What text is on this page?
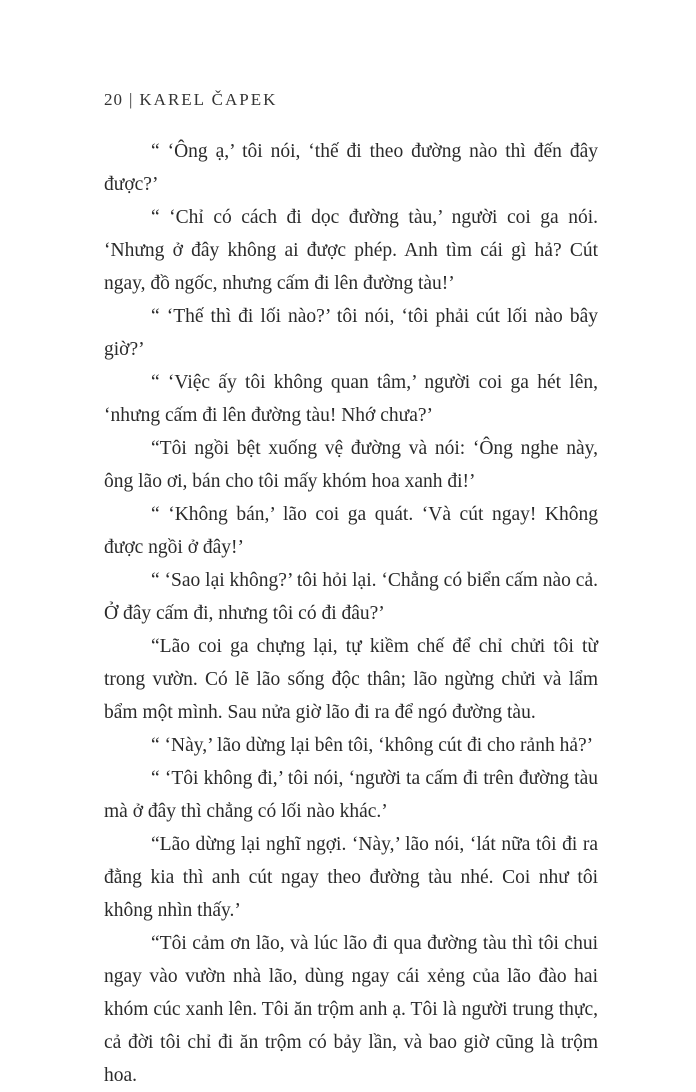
20 | KAREL ČAPEK

“ ‘Ông ạ,’ tôi nói, ‘thế đi theo đường nào thì đến đây được?’

“ ‘Chỉ có cách đi dọc đường tàu,’ người coi ga nói. ‘Nhưng ở đây không ai được phép. Anh tìm cái gì hả? Cút ngay, đồ ngốc, nhưng cấm đi lên đường tàu!’

“ ‘Thế thì đi lối nào?’ tôi nói, ‘tôi phải cút lối nào bây giờ?’

“ ‘Việc ấy tôi không quan tâm,’ người coi ga hét lên, ‘nhưng cấm đi lên đường tàu! Nhớ chưa?’

“Tôi ngồi bệt xuống vệ đường và nói: ‘Ông nghe này, ông lão ơi, bán cho tôi mấy khóm hoa xanh đi!’

“ ‘Không bán,’ lão coi ga quát. ‘Và cút ngay! Không được ngồi ở đây!’

“ ‘Sao lại không?’ tôi hỏi lại. ‘Chẳng có biển cấm nào cả. Ở đây cấm đi, nhưng tôi có đi đâu?’

“Lão coi ga chựng lại, tự kiềm chế để chỉ chửi tôi từ trong vườn. Có lẽ lão sống độc thân; lão ngừng chửi và lẩm bẩm một mình. Sau nửa giờ lão đi ra để ngó đường tàu.

“ ‘Này,’ lão dừng lại bên tôi, ‘không cút đi cho rảnh hả?’

“ ‘Tôi không đi,’ tôi nói, ‘người ta cấm đi trên đường tàu mà ở đây thì chẳng có lối nào khác.’

“Lão dừng lại nghĩ ngợi. ‘Này,’ lão nói, ‘lát nữa tôi đi ra đằng kia thì anh cút ngay theo đường tàu nhé. Coi như tôi không nhìn thấy.’

“Tôi cảm ơn lão, và lúc lão đi qua đường tàu thì tôi chui ngay vào vườn nhà lão, dùng ngay cái xẻng của lão đào hai khóm cúc xanh lên. Tôi ăn trộm anh ạ. Tôi là người trung thực, cả đời tôi chỉ đi ăn trộm có bảy lần, và bao giờ cũng là trộm hoa.
